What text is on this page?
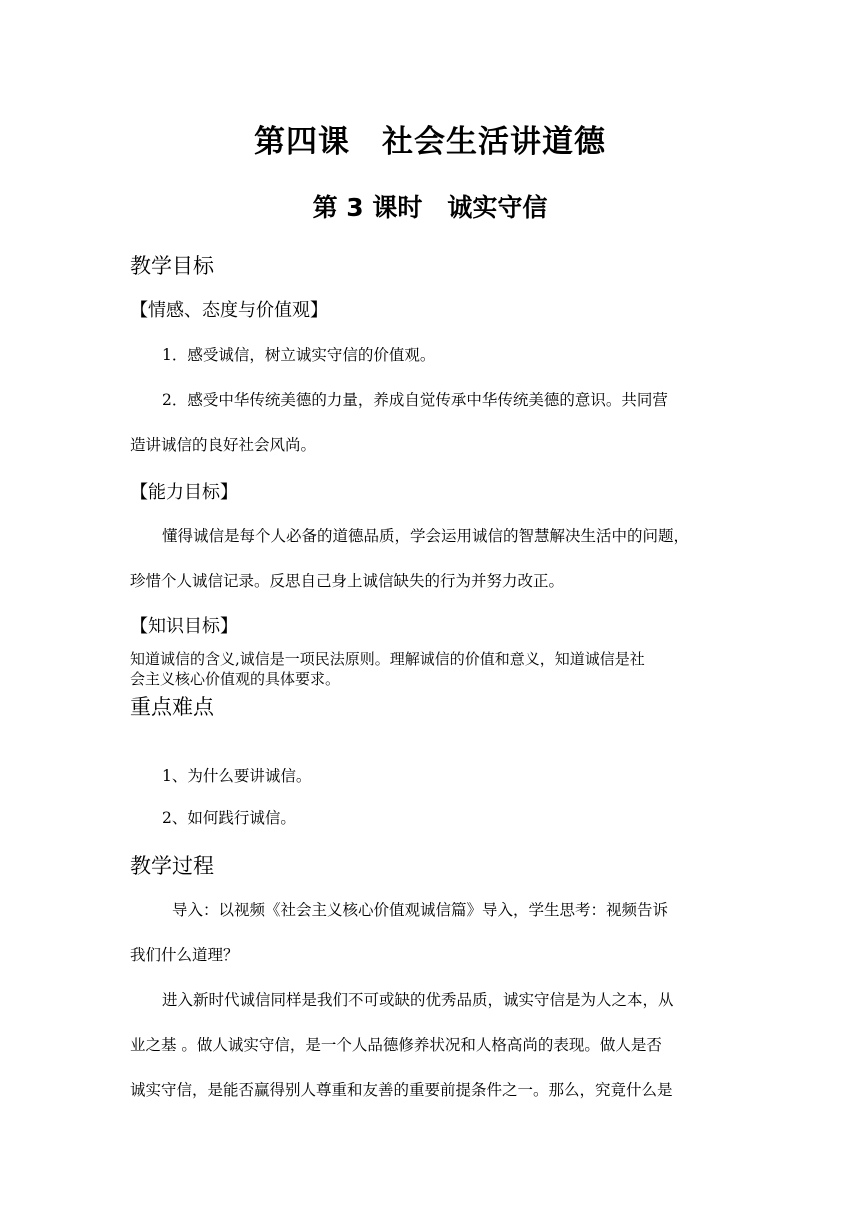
第四课　社会生活讲道德
第 3 课时　诚实守信
教学目标
【情感、态度与价值观】
1．感受诚信，树立诚实守信的价值观。
2．感受中华传统美德的力量，养成自觉传承中华传统美德的意识。共同营
造讲诚信的良好社会风尚。
【能力目标】
懂得诚信是每个人必备的道德品质，学会运用诚信的智慧解决生活中的问题，
珍惜个人诚信记录。反思自己身上诚信缺失的行为并努力改正。
【知识目标】
知道诚信的含义,诚信是一项民法原则。理解诚信的价值和意义，知道诚信是社
会主义核心价值观的具体要求。
重点难点
1、为什么要讲诚信。
2、如何践行诚信。
教学过程
导入：以视频《社会主义核心价值观诚信篇》导入，学生思考：视频告诉
我们什么道理？
进入新时代诚信同样是我们不可或缺的优秀品质，诚实守信是为人之本，从
业之基 。做人诚实守信，是一个人品德修养状况和人格高尚的表现。做人是否
诚实守信，是能否赢得别人尊重和友善的重要前提条件之一。那么，究竟什么是
